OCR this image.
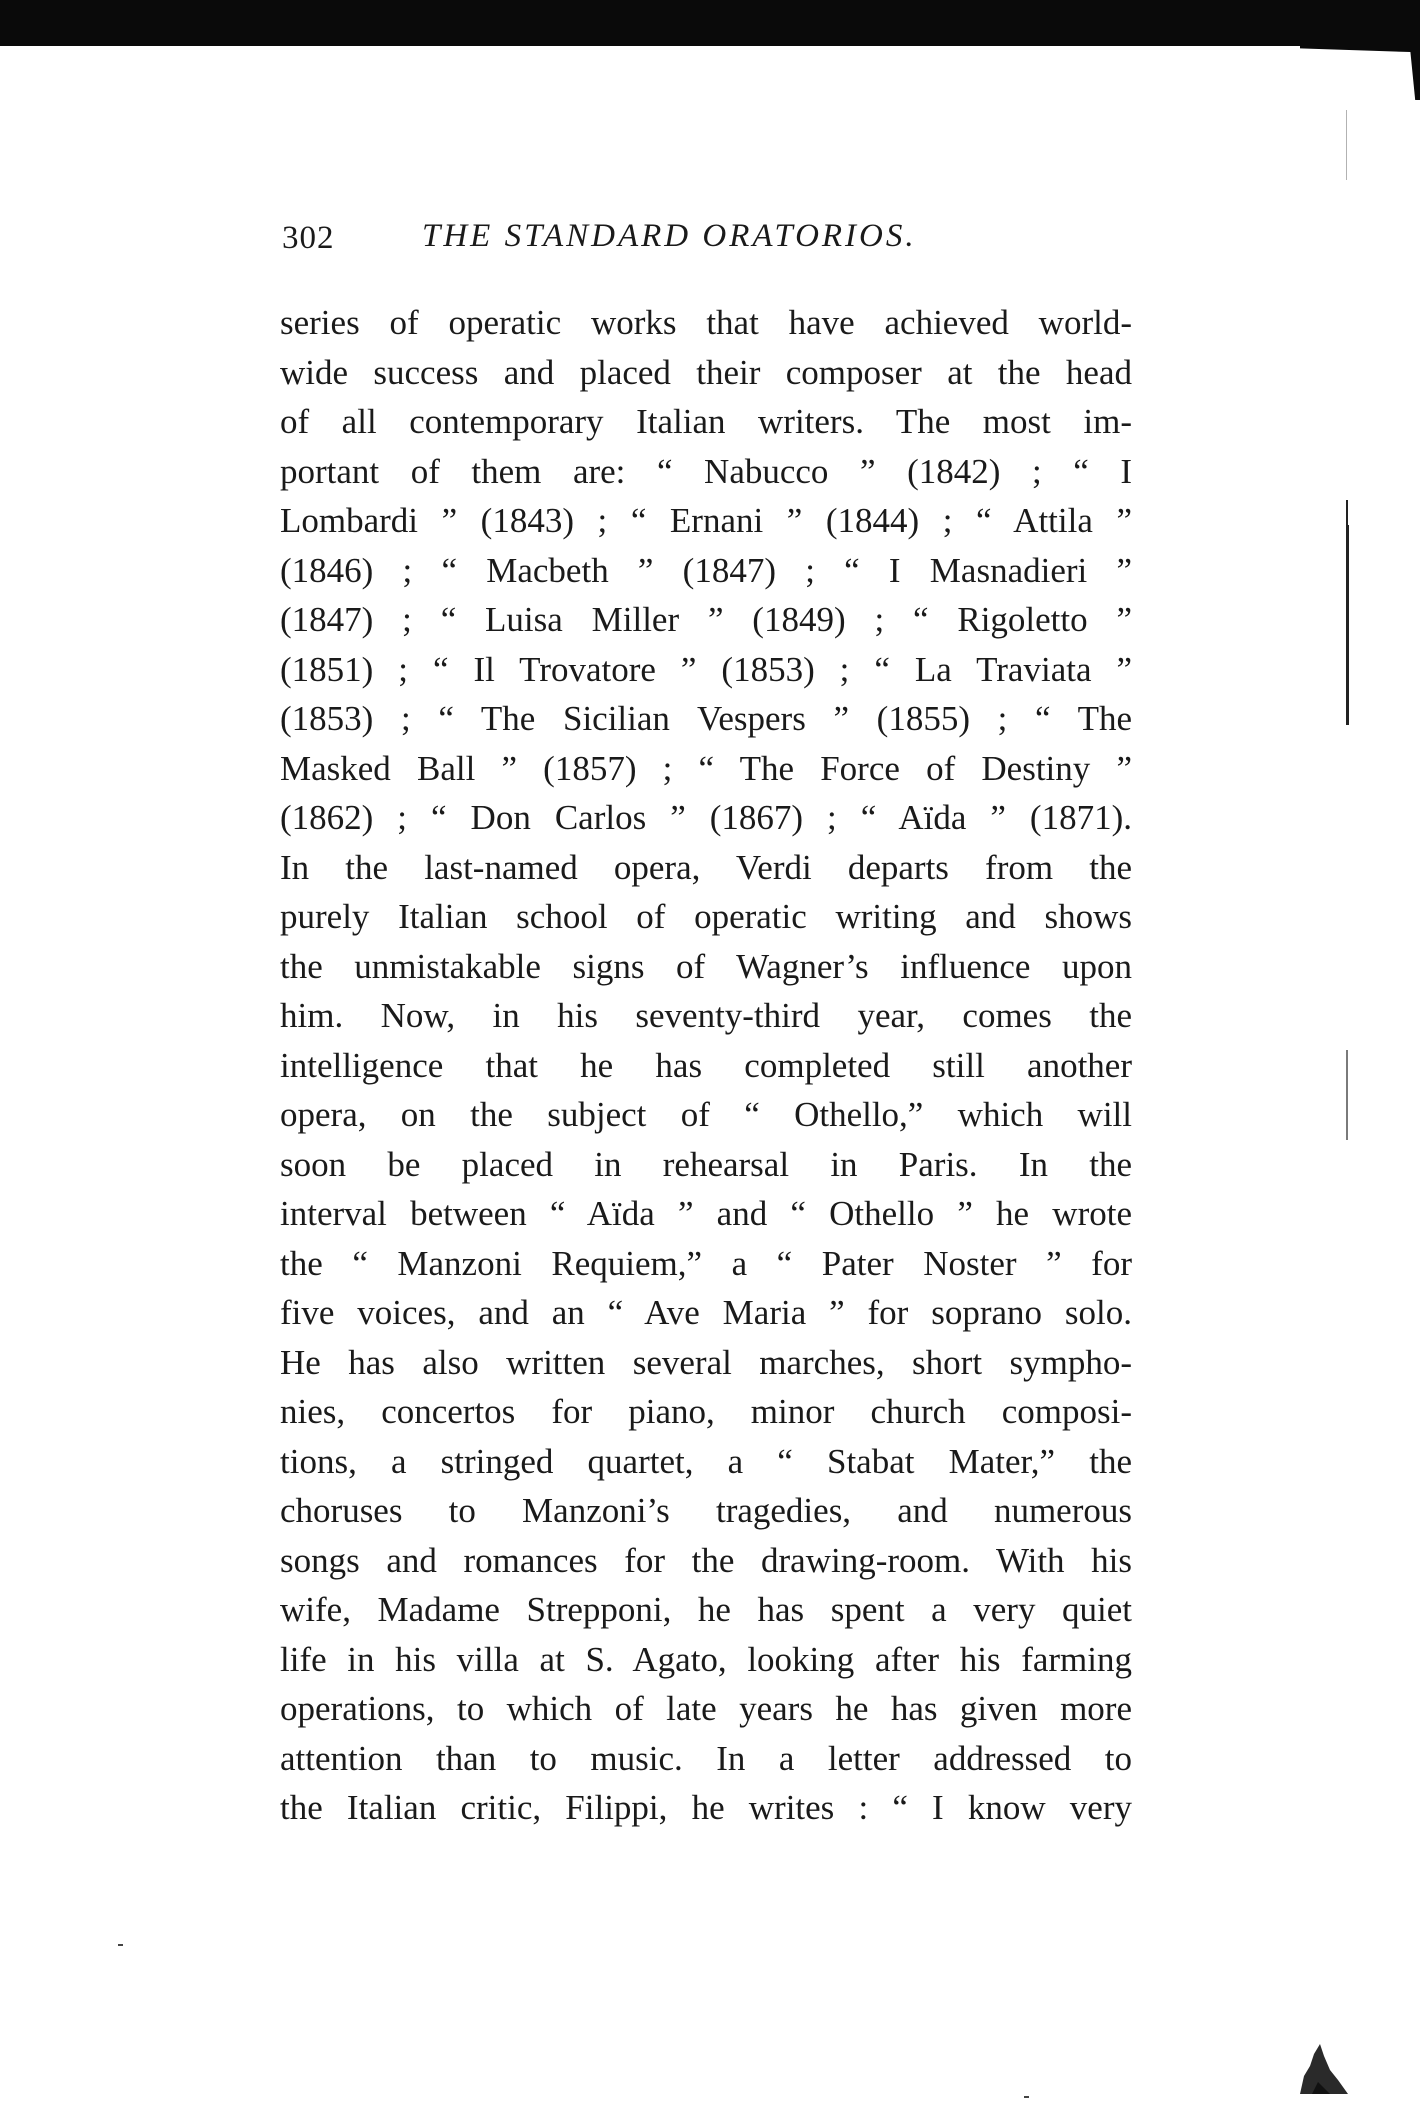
302	THE STANDARD ORATORIOS.
series of operatic works that have achieved world-
wide success and placed their composer at the head
of all contemporary Italian writers. The most im-
portant of them are: “ Nabucco ” (1842) ; “ I
Lombardi ” (1843) ; “ Ernani ” (1844) ; “ Attila ”
(1846) ; “ Macbeth ” (1847) ; “ I Masnadieri ”
(1847) ; “ Luisa Miller ” (1849) ; “ Rigoletto ”
(1851) ; “ Il Trovatore ” (1853) ; “ La Traviata ”
(1853) ; “ The Sicilian Vespers ” (1855) ; “ The
Masked Ball ” (1857) ; “ The Force of Destiny ”
(1862) ; “ Don Carlos ” (1867) ; “ Aïda ” (1871).
In the last-named opera, Verdi departs from the
purely Italian school of operatic writing and shows
the unmistakable signs of Wagner’s influence upon
him. Now, in his seventy-third year, comes the
intelligence that he has completed still another
opera, on the subject of “ Othello,” which will
soon be placed in rehearsal in Paris. In the
interval between “ Aïda ” and “ Othello ” he wrote
the “ Manzoni Requiem,” a “ Pater Noster ” for
five voices, and an “ Ave Maria ” for soprano solo.
He has also written several marches, short sympho-
nies, concertos for piano, minor church composi-
tions, a stringed quartet, a “ Stabat Mater,” the
choruses to Manzoni’s tragedies, and numerous
songs and romances for the drawing-room. With his
wife, Madame Strepponi, he has spent a very quiet
life in his villa at S. Agato, looking after his farming
operations, to which of late years he has given more
attention than to music. In a letter addressed to
the Italian critic, Filippi, he writes : “ I know very
